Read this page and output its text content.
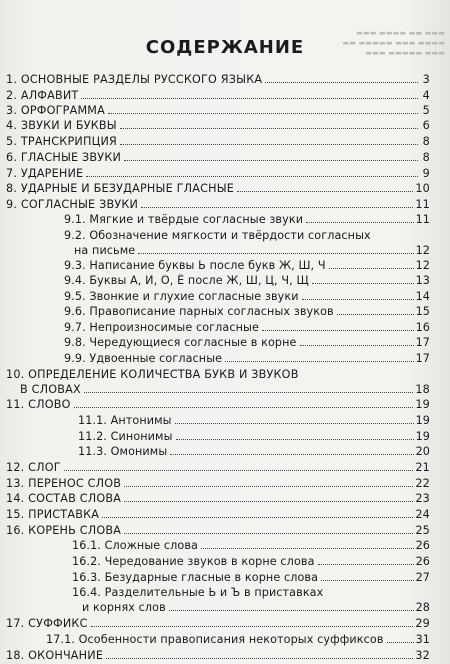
▬▬▬ ▬▬ ▬▬▬▬ ▬▬▬
▬▬▬▬ ▬▬▬ ▬▬▬▬▬ ▬▬
▬▬▬ ▬▬▬▬▬ ▬▬▬
СОДЕРЖАНИЕ
1. ОСНОВНЫЕ РАЗДЕЛЫ РУССКОГО ЯЗЫКА	3
2. АЛФАВИТ	4
3. ОРФОГРАММА	5
4. ЗВУКИ И БУКВЫ	6
5. ТРАНСКРИПЦИЯ	8
6. ГЛАСНЫЕ ЗВУКИ	8
7. УДАРЕНИЕ	9
8. УДАРНЫЕ И БЕЗУДАРНЫЕ ГЛАСНЫЕ	10
9. СОГЛАСНЫЕ ЗВУКИ	11
9.1. Мягкие и твёрдые согласные звуки	11
9.2. Обозначение мягкости и твёрдости согласных
на письме	12
9.3. Написание буквы Ь после букв Ж, Ш, Ч	12
9.4. Буквы А, И, О, Ё после Ж, Ш, Ц, Ч, Щ	13
9.5. Звонкие и глухие согласные звуки	14
9.6. Правописание парных согласных звуков	15
9.7. Непроизносимые согласные	16
9.8. Чередующиеся согласные в корне	17
9.9. Удвоенные согласные	17
10. ОПРЕДЕЛЕНИЕ КОЛИЧЕСТВА БУКВ И ЗВУКОВ
В СЛОВАХ	18
11. СЛОВО	19
11.1. Антонимы	19
11.2. Синонимы	19
11.3. Омонимы	20
12. СЛОГ	21
13. ПЕРЕНОС СЛОВ	22
14. СОСТАВ СЛОВА	23
15. ПРИСТАВКА	24
16. КОРЕНЬ СЛОВА	25
16.1. Сложные слова	26
16.2. Чередование звуков в корне слова	26
16.3. Безударные гласные в корне слова	27
16.4. Разделительные Ь и Ъ в приставках
и корнях слов	28
17. СУФФИКС	29
17.1. Особенности правописания некоторых суффиксов	31
18. ОКОНЧАНИЕ	32
